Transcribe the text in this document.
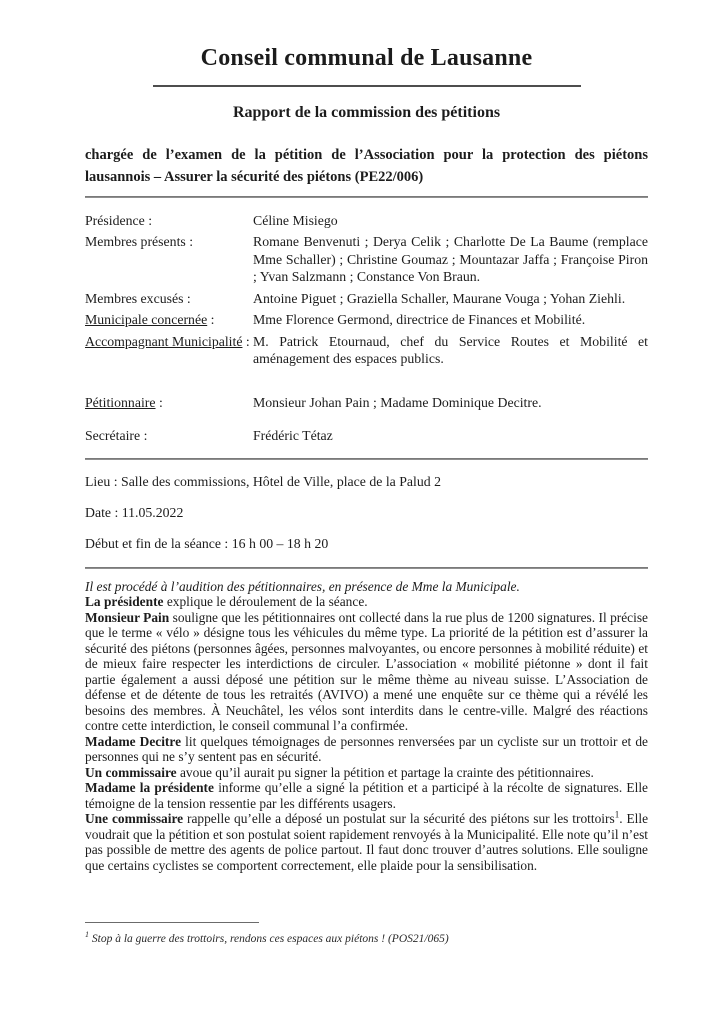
Conseil communal de Lausanne
Rapport de la commission des pétitions
chargée de l’examen de la pétition de l’Association pour la protection des piétons lausannois – Assurer la sécurité des piétons (PE22/006)
Présidence :	Céline Misiego
Membres présents :	Romane Benvenuti ; Derya Celik ; Charlotte De La Baume (remplace Mme Schaller) ; Christine Goumaz ; Mountazar Jaffa ; Françoise Piron ; Yvan Salzmann ; Constance Von Braun.
Membres excusés :	Antoine Piguet ; Graziella Schaller, Maurane Vouga ; Yohan Ziehli.
Municipale concernée :	Mme Florence Germond, directrice de Finances et Mobilité.
Accompagnant Municipalité : M. Patrick Etournaud, chef du Service Routes et Mobilité et aménagement des espaces publics.
Pétitionnaire :	Monsieur Johan Pain ; Madame Dominique Decitre.
Secrétaire :	Frédéric Tétaz

Lieu : Salle des commissions, Hôtel de Ville, place de la Palud 2

Date : 11.05.2022

Début et fin de la séance : 16 h 00 – 18 h 20

Il est procédé à l’audition des pétitionnaires, en présence de Mme la Municipale.

La présidente explique le déroulement de la séance.

Monsieur Pain souligne que les pétitionnaires ont collecté dans la rue plus de 1200 signatures. Il précise que le terme « vélo » désigne tous les véhicules du même type. La priorité de la pétition est d’assurer la sécurité des piétons (personnes âgées, personnes malvoyantes, ou encore personnes à mobilité réduite) et de mieux faire respecter les interdictions de circuler. L’association « mobilité piétonne » dont il fait partie également a aussi déposé une pétition sur le même thème au niveau suisse. L’Association de défense et de détente de tous les retraités (AVIVO) a mené une enquête sur ce thème qui a révélé les besoins des membres. À Neuchâtel, les vélos sont interdits dans le centre-ville. Malgré des réactions contre cette interdiction, le conseil communal l’a confirmée.

Madame Decitre lit quelques témoignages de personnes renversées par un cycliste sur un trottoir et de personnes qui ne s’y sentent pas en sécurité.

Un commissaire avoue qu’il aurait pu signer la pétition et partage la crainte des pétitionnaires.

Madame la présidente informe qu’elle a signé la pétition et a participé à la récolte de signatures. Elle témoigne de la tension ressentie par les différents usagers.

Une commissaire rappelle qu’elle a déposé un postulat sur la sécurité des piétons sur les trottoirs$^1$. Elle voudrait que la pétition et son postulat soient rapidement renvoyés à la Municipalité. Elle note qu’il n’est pas possible de mettre des agents de police partout. Il faut donc trouver d’autres solutions. Elle souligne que certains cyclistes se comportent correctement, elle plaide pour la sensibilisation.

$^1$ Stop à la guerre des trottoirs, rendons ces espaces aux piétons ! (POS21/065)
